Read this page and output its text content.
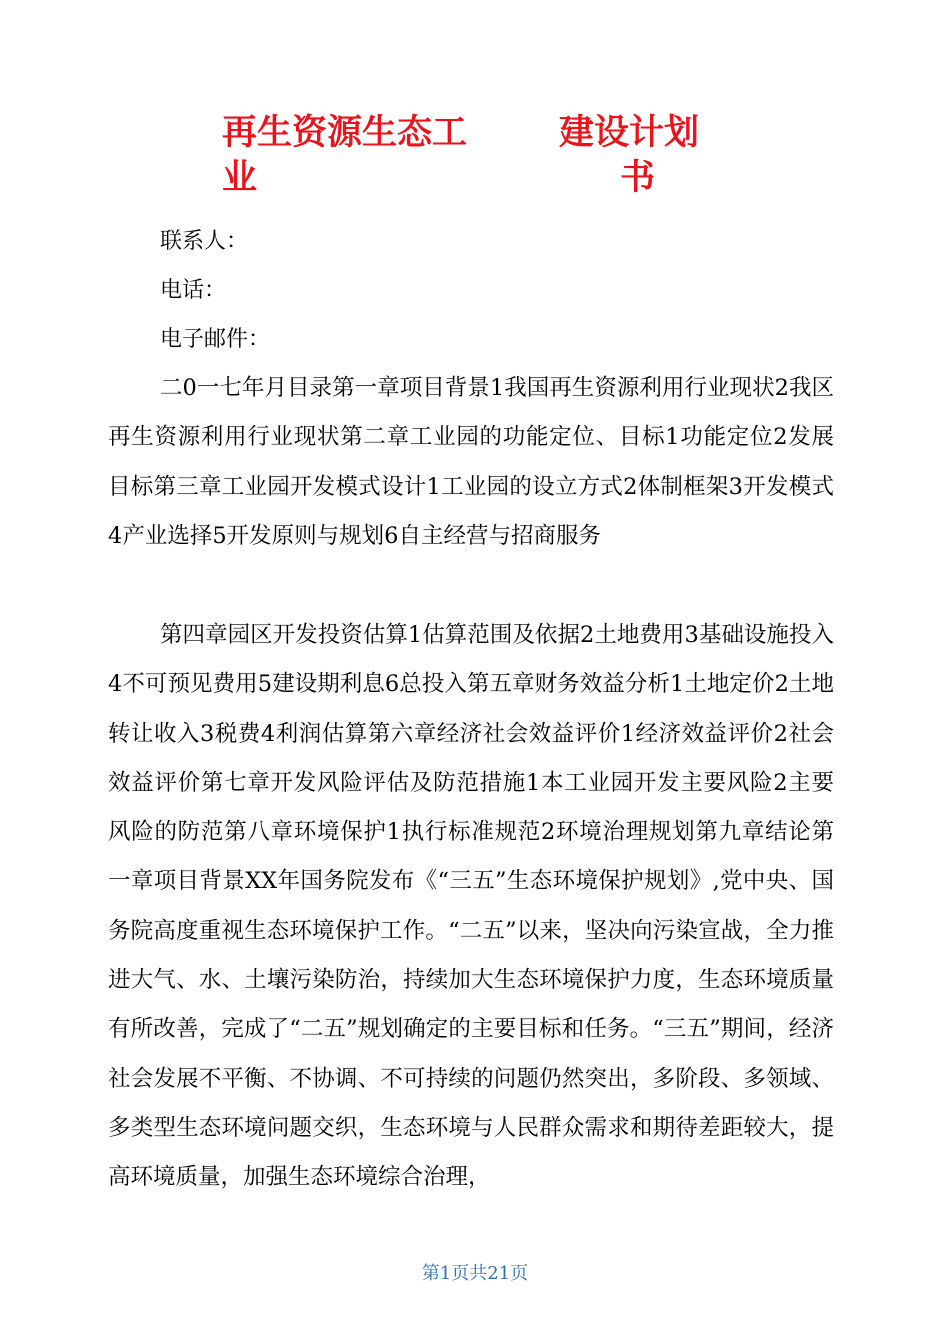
再生资源生态工
业
建设计划
书

联系人：

电话：

电子邮件：

二0一七年月目录第一章项目背景1我国再生资源利用行业现状2我区再生资源利用行业现状第二章工业园的功能定位、目标1功能定位2发展目标第三章工业园开发模式设计1工业园的设立方式2体制框架3开发模式4产业选择5开发原则与规划6自主经营与招商服务

第四章园区开发投资估算1估算范围及依据2土地费用3基础设施投入4不可预见费用5建设期利息6总投入第五章财务效益分析1土地定价2土地转让收入3税费4利润估算第六章经济社会效益评价1经济效益评价2社会效益评价第七章开发风险评估及防范措施1本工业园开发主要风险2主要风险的防范第八章环境保护1执行标准规范2环境治理规划第九章结论第一章项目背景XX年国务院发布《“三五”生态环境保护规划》,党中央、国务院高度重视生态环境保护工作。“二五”以来，坚决向污染宣战，全力推进大气、水、土壤污染防治，持续加大生态环境保护力度，生态环境质量有所改善，完成了“二五”规划确定的主要目标和任务。“三五”期间，经济社会发展不平衡、不协调、不可持续的问题仍然突出，多阶段、多领域、多类型生态环境问题交织，生态环境与人民群众需求和期待差距较大，提高环境质量，加强生态环境综合治理，

第1页共21页
